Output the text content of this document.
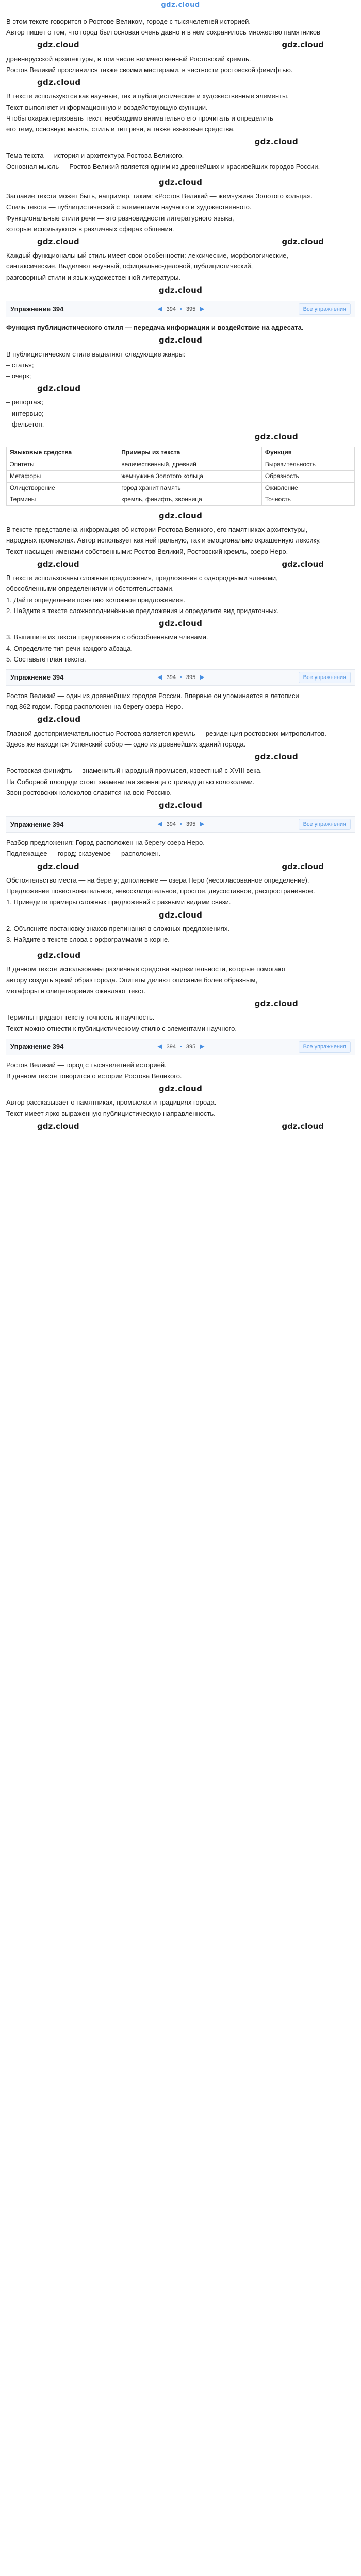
gdz.cloud

В этом тексте говорится о Ростове Великом, городе с тысячелетней историей.

Автор пишет о том, что город был основан очень давно и в нём сохранилось множество памятников

gdz.cloud	gdz.cloud

древнерусской архитектуры, в том числе величественный Ростовский кремль.

Ростов Великий прославился также своими мастерами, в частности ростовской финифтью.

gdz.cloud

В тексте используются как научные, так и публицистические и художественные элементы.

Текст выполняет информационную и воздействующую функции.

Чтобы охарактеризовать текст, необходимо внимательно его прочитать и определить

его тему, основную мысль, стиль и тип речи, а также языковые средства.

gdz.cloud

Тема текста — история и архитектура Ростова Великого.

Основная мысль — Ростов Великий является одним из древнейших и красивейших городов России.

gdz.cloud

Заглавие текста может быть, например, таким: «Ростов Великий — жемчужина Золотого кольца».

Стиль текста — публицистический с элементами научного и художественного.

Функциональные стили речи — это разновидности литературного языка,

которые используются в различных сферах общения.

gdz.cloud	gdz.cloud

Каждый функциональный стиль имеет свои особенности: лексические, морфологические,

синтаксические. Выделяют научный, официально-деловой, публицистический,

разговорный стили и язык художественной литературы.

gdz.cloud
Упражнение 394	◀ 394 • 395 ▶	Все упражнения

Функция публицистического стиля — передача информации и воздействие на адресата.

gdz.cloud

В публицистическом стиле выделяют следующие жанры:

– статья;

– очерк;

gdz.cloud

– репортаж;

– интервью;

– фельетон.

gdz.cloud
Языковые средства	Примеры из текста	Функция
Эпитеты	величественный, древний	Выразительность
Метафоры	жемчужина Золотого кольца	Образность
Олицетворение	город хранит память	Оживление
Термины	кремль, финифть, звонница	Точность
gdz.cloud

В тексте представлена информация об истории Ростова Великого, его памятниках архитектуры,

народных промыслах. Автор использует как нейтральную, так и эмоционально окрашенную лексику.

Текст насыщен именами собственными: Ростов Великий, Ростовский кремль, озеро Неро.

gdz.cloud	gdz.cloud

В тексте использованы сложные предложения, предложения с однородными членами,

обособленными определениями и обстоятельствами.

1. Дайте определение понятию «сложное предложение».

2. Найдите в тексте сложноподчинённые предложения и определите вид придаточных.

gdz.cloud

3. Выпишите из текста предложения с обособленными членами.

4. Определите тип речи каждого абзаца.

5. Составьте план текста.

Упражнение 394	◀ 394 • 395 ▶	Все упражнения

Ростов Великий — один из древнейших городов России. Впервые он упоминается в летописи

под 862 годом. Город расположен на берегу озера Неро.

gdz.cloud

Главной достопримечательностью Ростова является кремль — резиденция ростовских митрополитов.

Здесь же находится Успенский собор — одно из древнейших зданий города.

gdz.cloud

Ростовская финифть — знаменитый народный промысел, известный с XVIII века.

На Соборной площади стоит знаменитая звонница с тринадцатью колоколами.

Звон ростовских колоколов славится на всю Россию.

gdz.cloud
Упражнение 394	◀ 394 • 395 ▶	Все упражнения

Разбор предложения: Город расположен на берегу озера Неро.

Подлежащее — город; сказуемое — расположен.

gdz.cloud	gdz.cloud

Обстоятельство места — на берегу; дополнение — озера Неро (несогласованное определение).

Предложение повествовательное, невосклицательное, простое, двусоставное, распространённое.

1. Приведите примеры сложных предложений с разными видами связи.

gdz.cloud

2. Объясните постановку знаков препинания в сложных предложениях.

3. Найдите в тексте слова с орфограммами в корне.

gdz.cloud

В данном тексте использованы различные средства выразительности, которые помогают

автору создать яркий образ города. Эпитеты делают описание более образным,

метафоры и олицетворения оживляют текст.

gdz.cloud

Термины придают тексту точность и научность.

Текст можно отнести к публицистическому стилю с элементами научного.

Упражнение 394	◀ 394 • 395 ▶	Все упражнения

Ростов Великий — город с тысячелетней историей.

В данном тексте говорится о истории Ростова Великого.

gdz.cloud

Автор рассказывает о памятниках, промыслах и традициях города.

Текст имеет ярко выраженную публицистическую направленность.

gdz.cloud	gdz.cloud
